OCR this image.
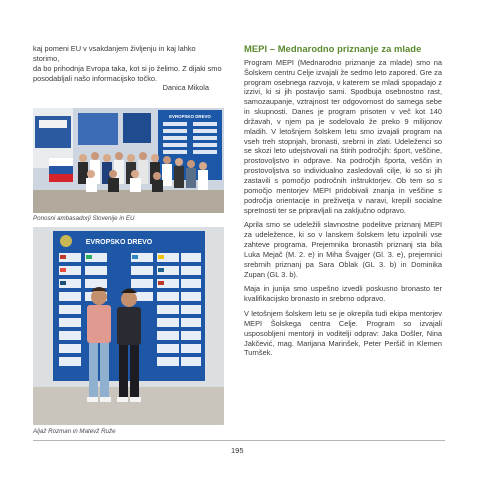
kaj pomeni EU v vsakdanjem življenju in kaj lahko storimo,

da bo prihodnja Evropa taka, kot si jo želimo. Z dijaki smo

posodabljali našo informacijsko točko.

Danica Mikola

EVROPSKO DREVO
Ponosni ambasadorji Slovenije in EU
EVROPSKO DREVO
Aljaž Rozman in Matevž Ruže
MEPI – Mednarodno priznanje za mlade

Program MEPI (Mednarodno priznanje za mlade) smo na Šolskem centru Celje izvajali že sedmo leto zapored. Gre za program osebnega razvoja, v katerem se mladi spopadajo z izzivi, ki si jih postavijo sami. Spodbuja osebnostno rast, samozaupanje, vztrajnost ter odgovornost do samega sebe in skupnosti. Danes je program prisoten v več kot 140 državah, v njem pa je sodelovalo že preko 9 milijonov mladih. V letošnjem šolskem letu smo izvajali program na vseh treh stopnjah, bronasti, srebrni in zlati. Udeleženci so se skozi leto udejstvovali na štirih področjih: šport, veščine, prostovoljstvo in odprave. Na področjih športa, veščin in prostovoljstva so individualno zasledovali cilje, ki so si jih zastavili s pomočjo področnih inštruktorjev. Ob tem so s pomočjo mentorjev MEPI pridobivali znanja in veščine s področja orientacije in preživetja v naravi, krepili socialne spretnosti ter se pripravljali na zaključno odpravo.

Aprila smo se udeležili slavnostne podelitve priznanj MEPI za udeležence, ki so v lanskem šolskem letu izpolnili vse zahteve programa. Prejemnika bronastih priznanj sta bila Luka Mejač (M. 2. e) in Miha Švajger (Gl. 3. e), prejemnici srebrnih priznanj pa Sara Oblak (GL 3. b) in Dominika Zupan (GL 3. b).

Maja in junija smo uspešno izvedli poskusno bronasto ter kvalifikacijsko bronasto in srebrno odpravo.

V letošnjem šolskem letu se je okrepila tudi ekipa mentorjev MEPI Šolskega centra Celje. Program so izvajali usposobljeni mentorji in voditelji odprav: Jaka Došler, Nina Jakčević, mag. Marijana Marinšek, Peter Peršič in Klemen Turnšek.

195
